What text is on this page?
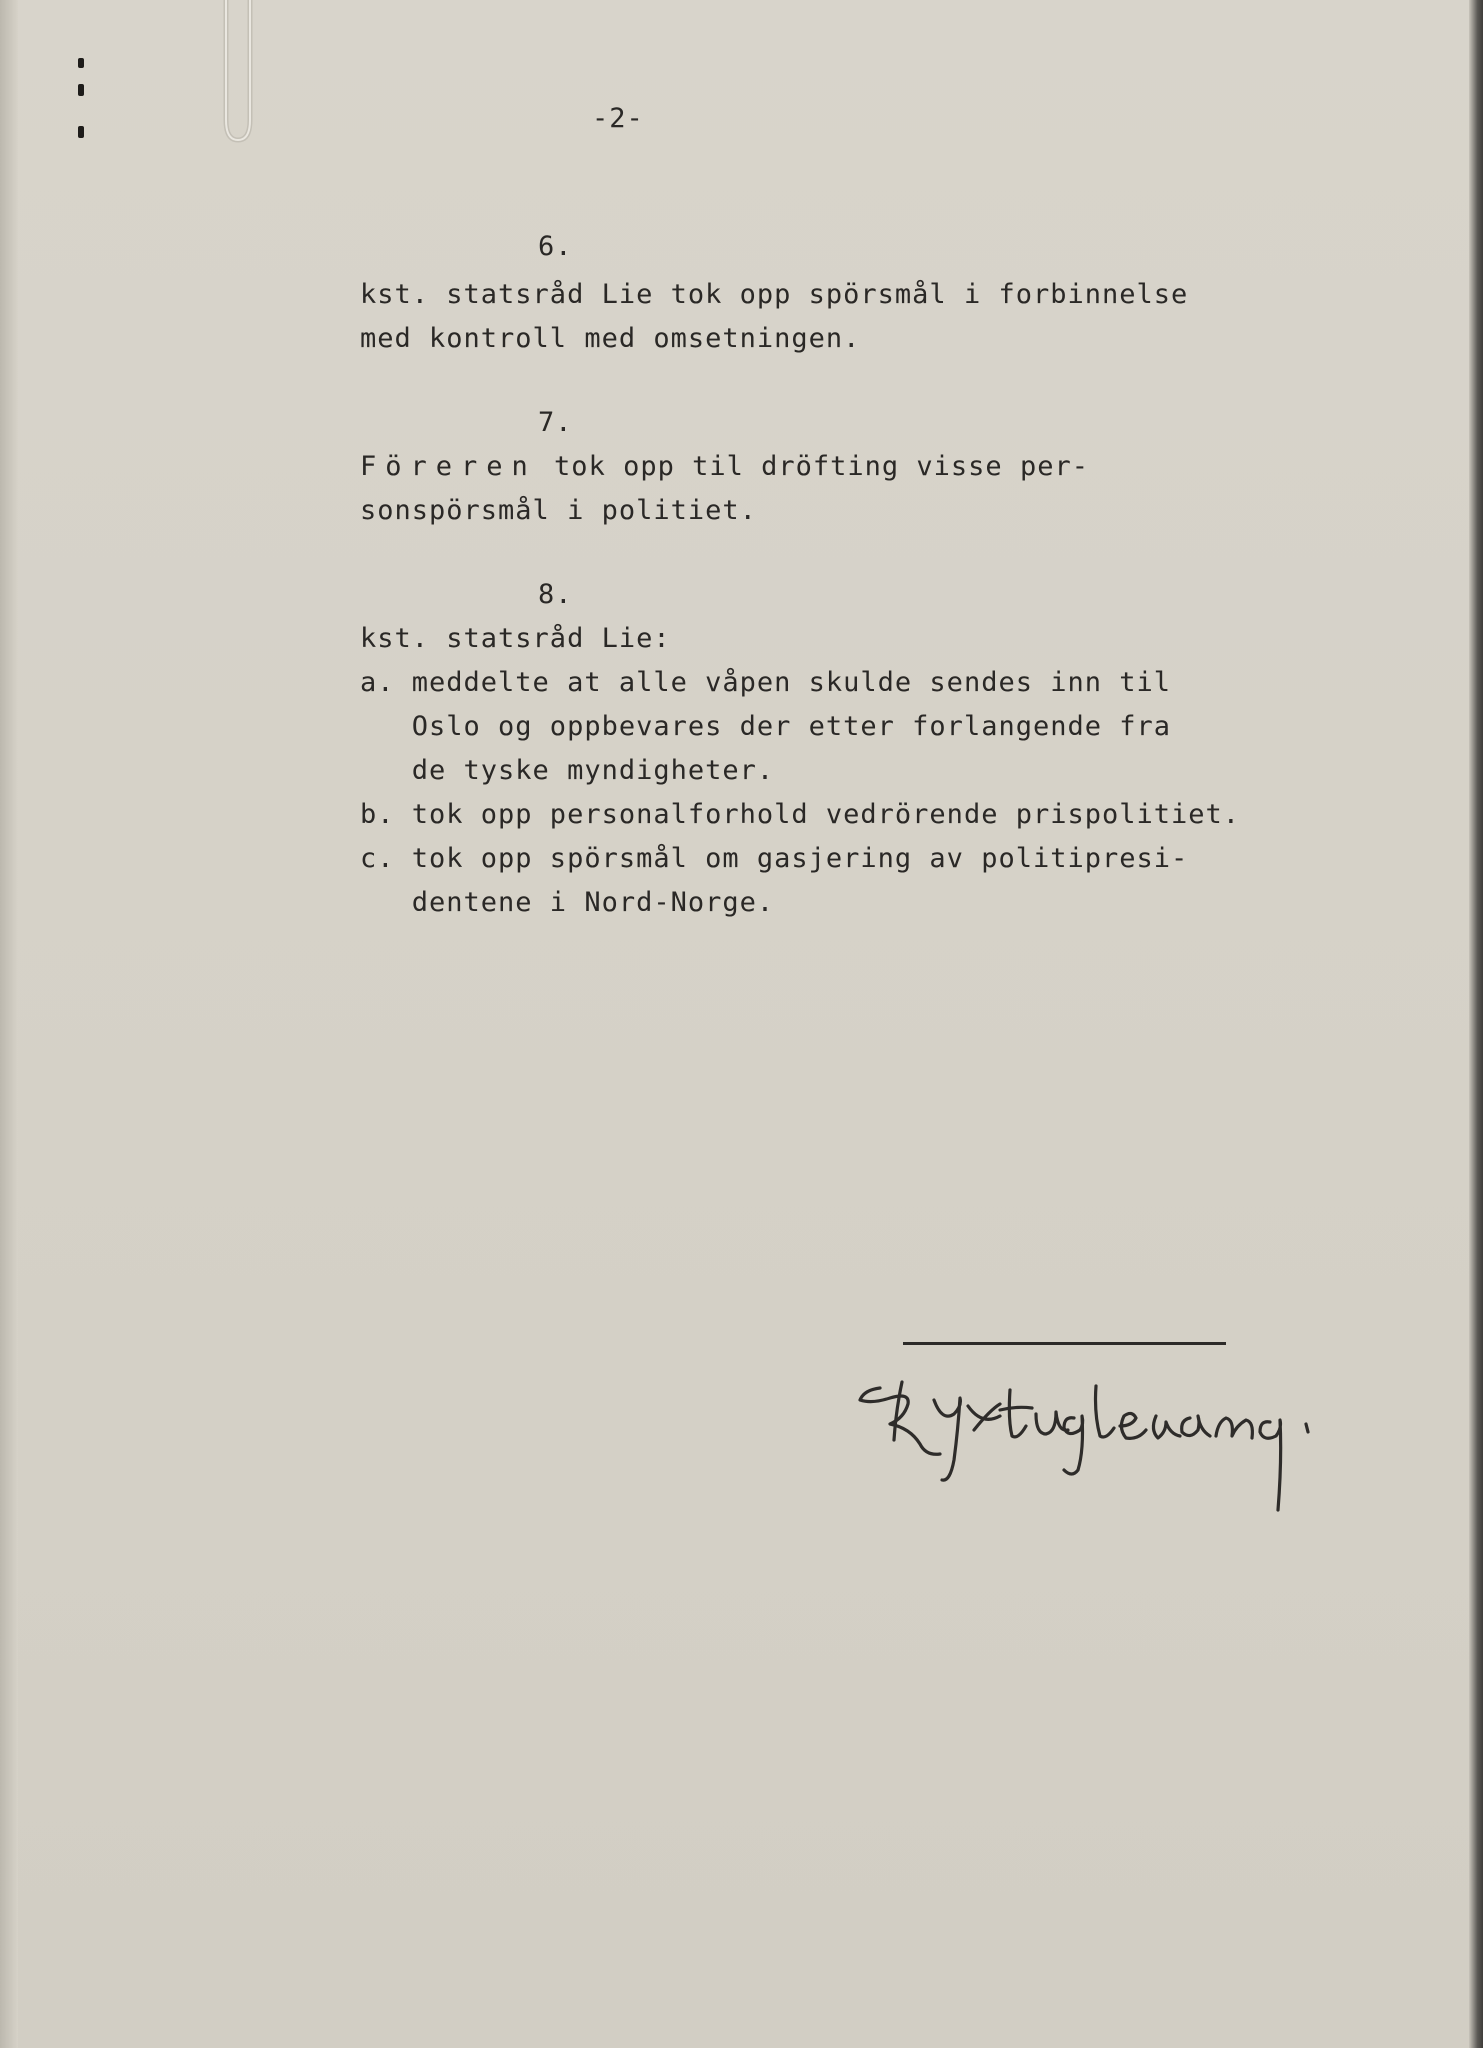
-2-
6.
kst. statsråd Lie tok opp spörsmål i forbinnelse
med kontroll med omsetningen.
7.
Föreren tok opp til dröfting visse per-
sonspörsmål i politiet.
8.
kst. statsråd Lie:
a. meddelte at alle våpen skulde sendes inn til
Oslo og oppbevares der etter forlangende fra
de tyske myndigheter.
b. tok opp personalforhold vedrörende prispolitiet.
c. tok opp spörsmål om gasjering av politipresi-
dentene i Nord-Norge.
